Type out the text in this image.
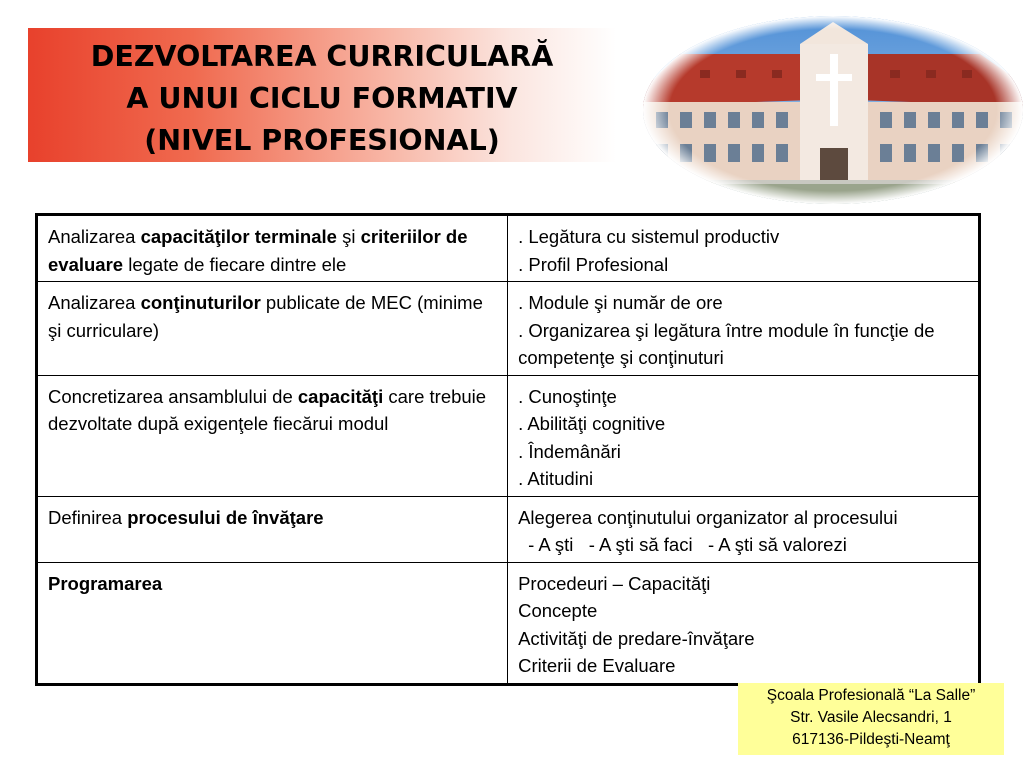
DEZVOLTAREA CURRICULARĂ
A UNUI CICLU FORMATIV
(NIVEL PROFESIONAL)
Analizarea capacităţilor terminale şi criteriilor de evaluare legate de fiecare dintre ele	. Legătura cu sistemul productiv
. Profil Profesional

Analizarea conţinuturilor publicate de MEC (minime şi curriculare)	. Module şi număr de ore
. Organizarea şi legătura între module în funcţie de competenţe şi conţinuturi

Concretizarea ansamblului de capacităţi care trebuie dezvoltate după exigenţele fiecărui modul	. Cunoştinţe
. Abilităţi cognitive
. Îndemânări
. Atitudini

Definirea procesului de învăţare	Alegerea conţinutului organizator al procesului
- A şti   - A şti să faci   - A şti să valorezi

Programarea	Procedeuri – Capacităţi
Concepte
Activităţi de predare-învăţare
Criterii de Evaluare
Şcoala Profesională “La Salle”
Str. Vasile Alecsandri, 1
617136-Pildeşti-Neamţ
